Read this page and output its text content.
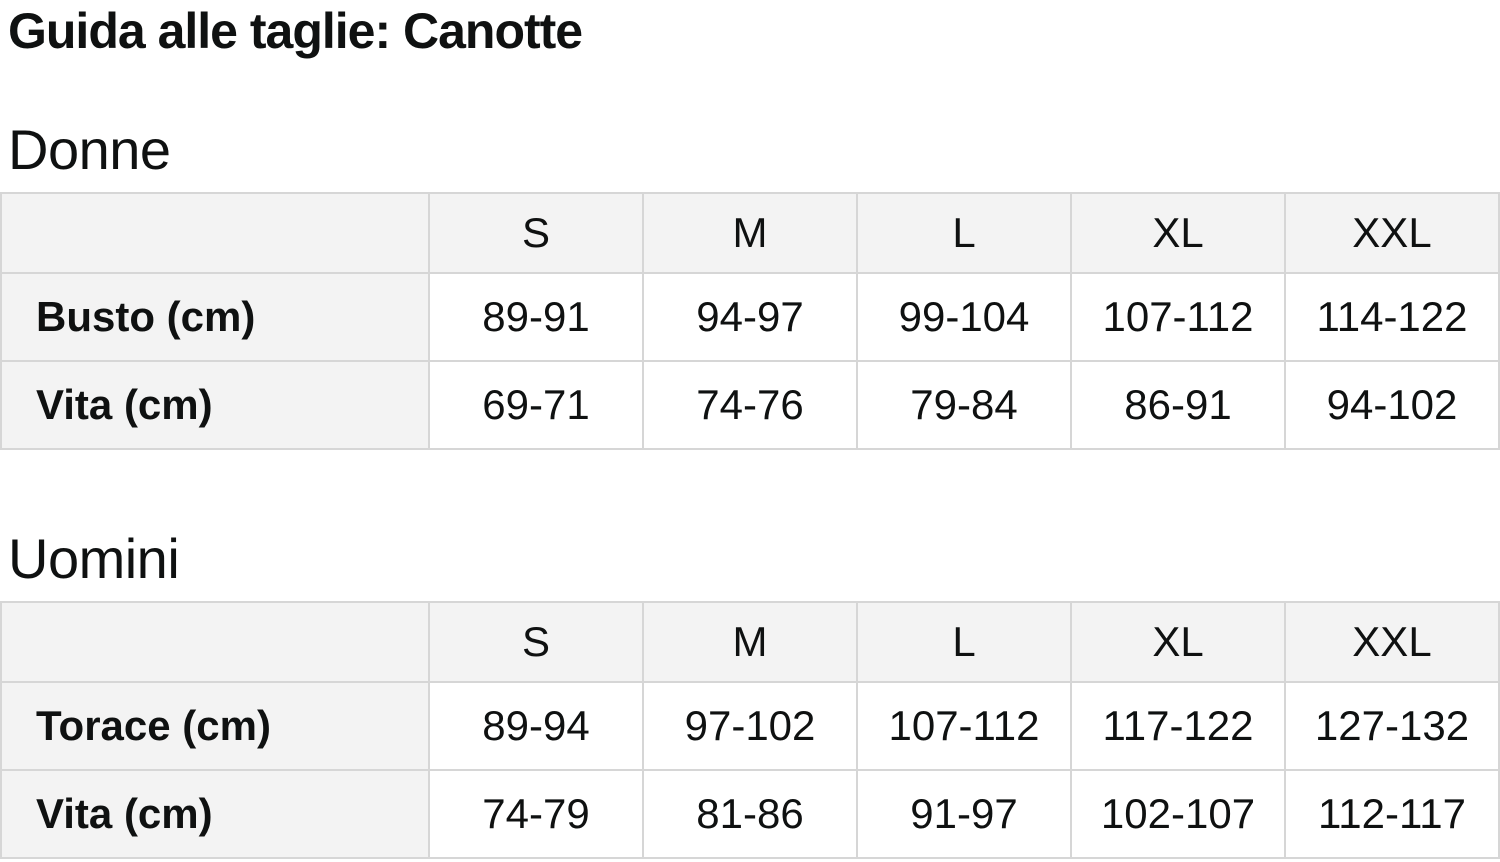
Guida alle taglie: Canotte
Donne
	S	M	L	XL	XXL
Busto (cm)	89-91	94-97	99-104	107-112	114-122
Vita (cm)	69-71	74-76	79-84	86-91	94-102
Uomini
	S	M	L	XL	XXL
Torace (cm)	89-94	97-102	107-112	117-122	127-132
Vita (cm)	74-79	81-86	91-97	102-107	112-117
